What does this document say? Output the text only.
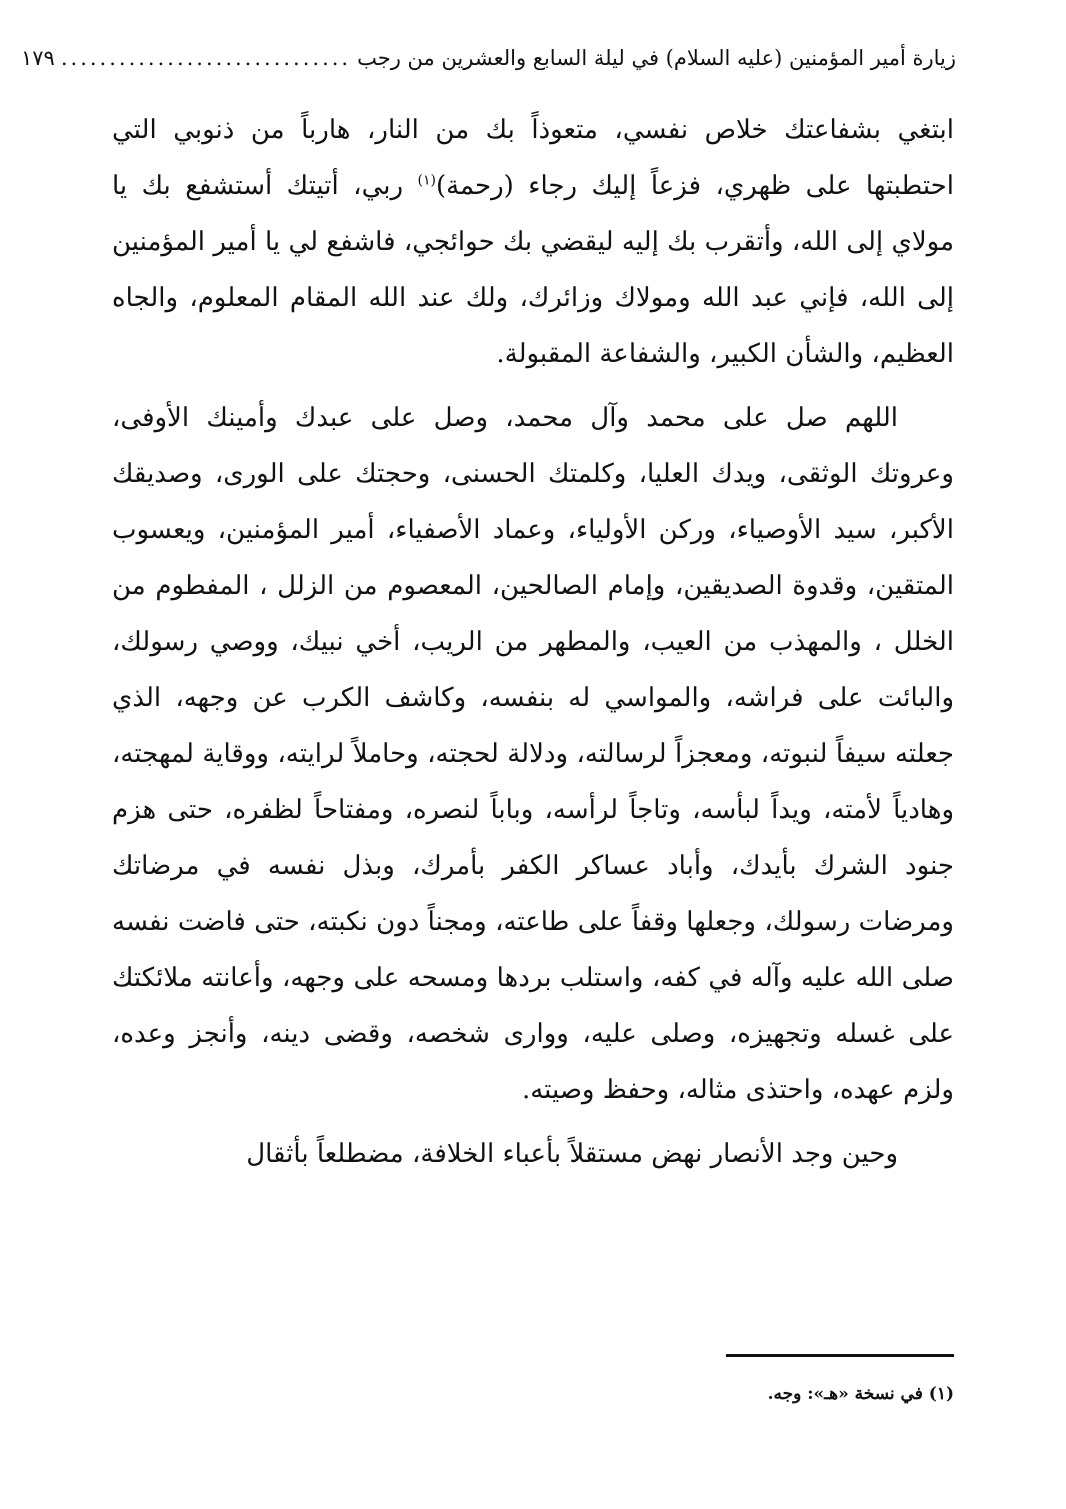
زيارة أمير المؤمنين (عليه السلام) في ليلة السابع والعشرين من رجب
..............................
١٧٩

ابتغي بشفاعتك خلاص نفسي، متعوذاً بك من النار، هارباً من ذنوبي التي احتطبتها على ظهري، فزعاً إليك رجاء (رحمة)$^{(١)}$ ربي، أتيتك أستشفع بك يا مولاي إلى الله، وأتقرب بك إليه ليقضي بك حوائجي، فاشفع لي يا أمير المؤمنين إلى الله، فإني عبد الله ومولاك وزائرك، ولك عند الله المقام المعلوم، والجاه العظيم، والشأن الكبير، والشفاعة المقبولة.

اللهم صل على محمد وآل محمد، وصل على عبدك وأمينك الأوفى، وعروتك الوثقى، ويدك العليا، وكلمتك الحسنى، وحجتك على الورى، وصديقك الأكبر، سيد الأوصياء، وركن الأولياء، وعماد الأصفياء، أمير المؤمنين، ويعسوب المتقين، وقدوة الصديقين، وإمام الصالحين، المعصوم من الزلل ، المفطوم من الخلل ، والمهذب من العيب، والمطهر من الريب، أخي نبيك، ووصي رسولك، والبائت على فراشه، والمواسي له بنفسه، وكاشف الكرب عن وجهه، الذي جعلته سيفاً لنبوته، ومعجزاً لرسالته، ودلالة لحجته، وحاملاً لرايته، ووقاية لمهجته، وهادياً لأمته، ويداً لبأسه، وتاجاً لرأسه، وباباً لنصره، ومفتاحاً لظفره، حتى هزم جنود الشرك بأيدك، وأباد عساكر الكفر بأمرك، وبذل نفسه في مرضاتك ومرضات رسولك، وجعلها وقفاً على طاعته، ومجناً دون نكبته، حتى فاضت نفسه صلى الله عليه وآله في كفه، واستلب بردها ومسحه على وجهه، وأعانته ملائكتك على غسله وتجهيزه، وصلى عليه، ووارى شخصه، وقضى دينه، وأنجز وعده، ولزم عهده، واحتذى مثاله، وحفظ وصيته.

وحين وجد الأنصار نهض مستقلاً بأعباء الخلافة، مضطلعاً بأثقال

(١) في نسخة «هـ»: وجه.
